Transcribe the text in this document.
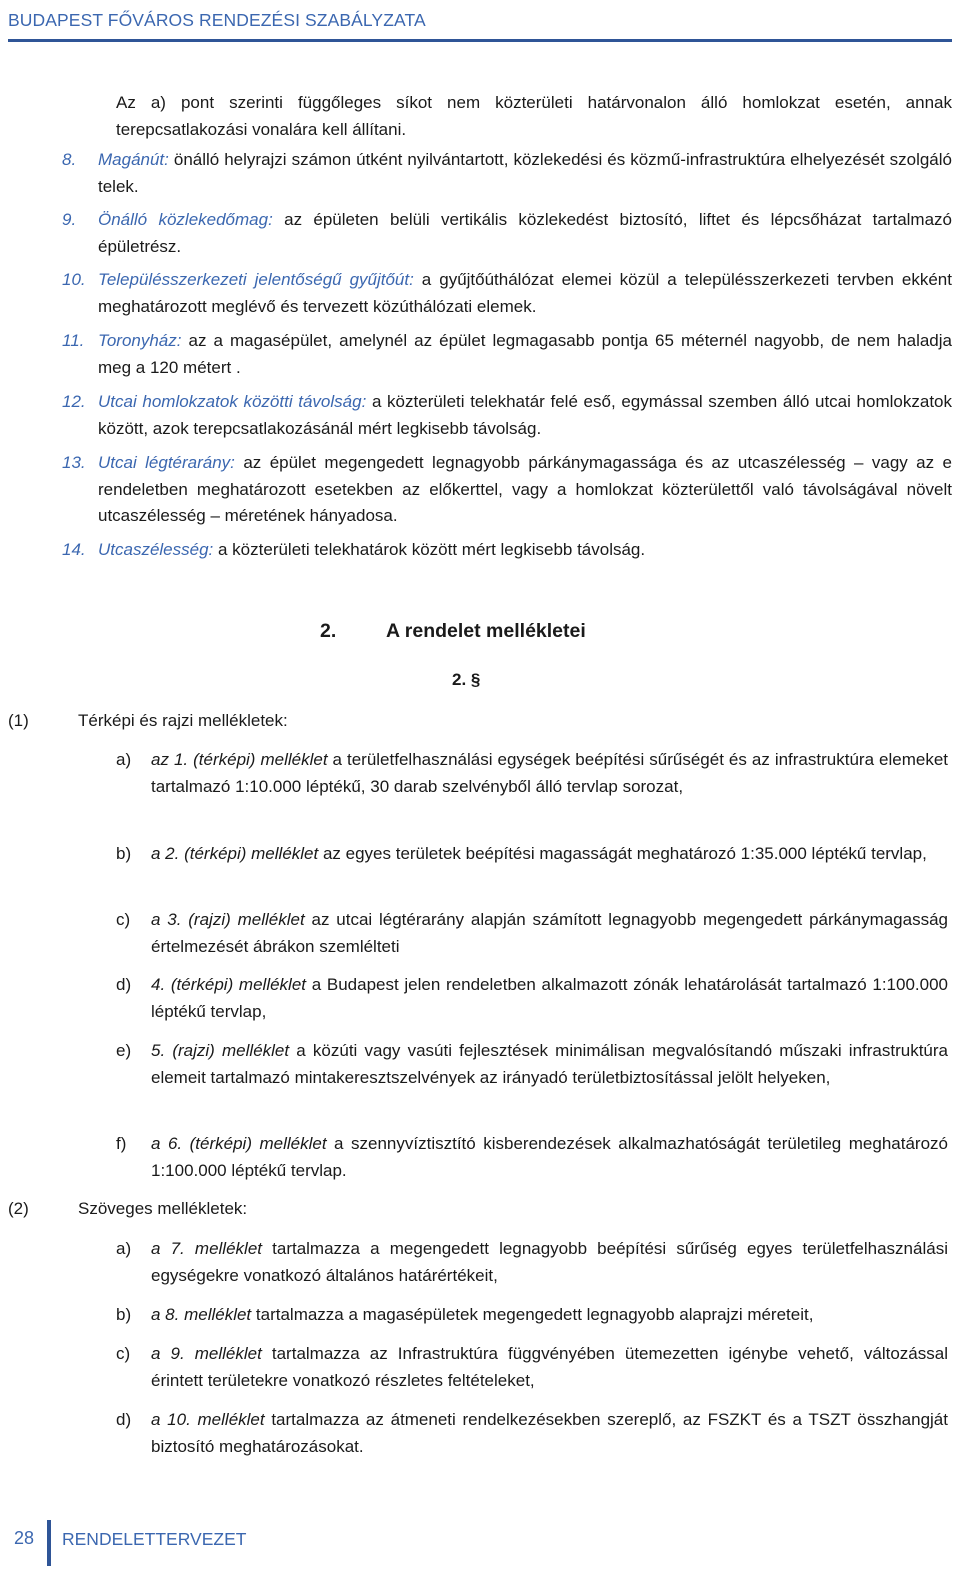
BUDAPEST FŐVÁROS RENDEZÉSI SZABÁLYZATA
Az a) pont szerinti függőleges síkot nem közterületi határvonalon álló homlokzat esetén, annak terepcsatlakozási vonalára kell állítani.
8.	Magánút: önálló helyrajzi számon útként nyilvántartott, közlekedési és közmű-infrastruktúra elhelyezését szolgáló telek.
9.	Önálló közlekedőmag: az épületen belüli vertikális közlekedést biztosító, liftet és lépcsőházat tartalmazó épületrész.
10. Településszerkezeti jelentőségű gyűjtőút: a gyűjtőúthálózat elemei közül a településszerkezeti tervben ekként meghatározott meglévő és tervezett közúthálózati elemek.
11. Toronyház: az a magasépület, amelynél az épület legmagasabb pontja 65 méternél nagyobb, de nem haladja meg a 120 métert .
12. Utcai homlokzatok közötti távolság: a közterületi telekhatár felé eső, egymással szemben álló utcai homlokzatok között, azok terepcsatlakozásánál mért legkisebb távolság.
13. Utcai légtérarány: az épület megengedett legnagyobb párkánymagassága és az utcaszélesség – vagy az e rendeletben meghatározott esetekben az előkerttel, vagy a homlokzat közterülettől való távolságával növelt utcaszélesség – méretének hányadosa.
14. Utcaszélesség: a közterületi telekhatárok között mért legkisebb távolság.
2.	A rendelet mellékletei
2. §
(1)	Térképi és rajzi mellékletek:
a)	az 1. (térképi) melléklet a területfelhasználási egységek beépítési sűrűségét és az infrastruktúra elemeket tartalmazó 1:10.000 léptékű, 30 darab szelvényből álló tervlap sorozat,
b)	a 2. (térképi) melléklet az egyes területek beépítési magasságát meghatározó 1:35.000 léptékű tervlap,
c)	a 3. (rajzi) melléklet az utcai légtérarány alapján számított legnagyobb megengedett párkánymagasság értelmezését ábrákon szemlélteti
d)	4. (térképi) melléklet a Budapest jelen rendeletben alkalmazott zónák lehatárolását tartalmazó 1:100.000 léptékű tervlap,
e)	5. (rajzi) melléklet a közúti vagy vasúti fejlesztések minimálisan megvalósítandó műszaki infrastruktúra elemeit tartalmazó mintakeresztszelvények az irányadó területbiztosítással jelölt helyeken,
f)	a 6. (térképi) melléklet a szennyvíztisztító kisberendezések alkalmazhatóságát területileg meghatározó 1:100.000 léptékű tervlap.
(2)	Szöveges mellékletek:
a)	a 7. melléklet tartalmazza a megengedett legnagyobb beépítési sűrűség egyes területfelhasználási egységekre vonatkozó általános határértékeit,
b)	a 8. melléklet tartalmazza a magasépületek megengedett legnagyobb alaprajzi méreteit,
c)	a 9. melléklet tartalmazza az Infrastruktúra függvényében ütemezetten igénybe vehető, változással érintett területekre vonatkozó részletes feltételeket,
d)	a 10. melléklet tartalmazza az átmeneti rendelkezésekben szereplő, az FSZKT és a TSZT összhangját biztosító meghatározásokat.
28 RENDELETTERVEZET
